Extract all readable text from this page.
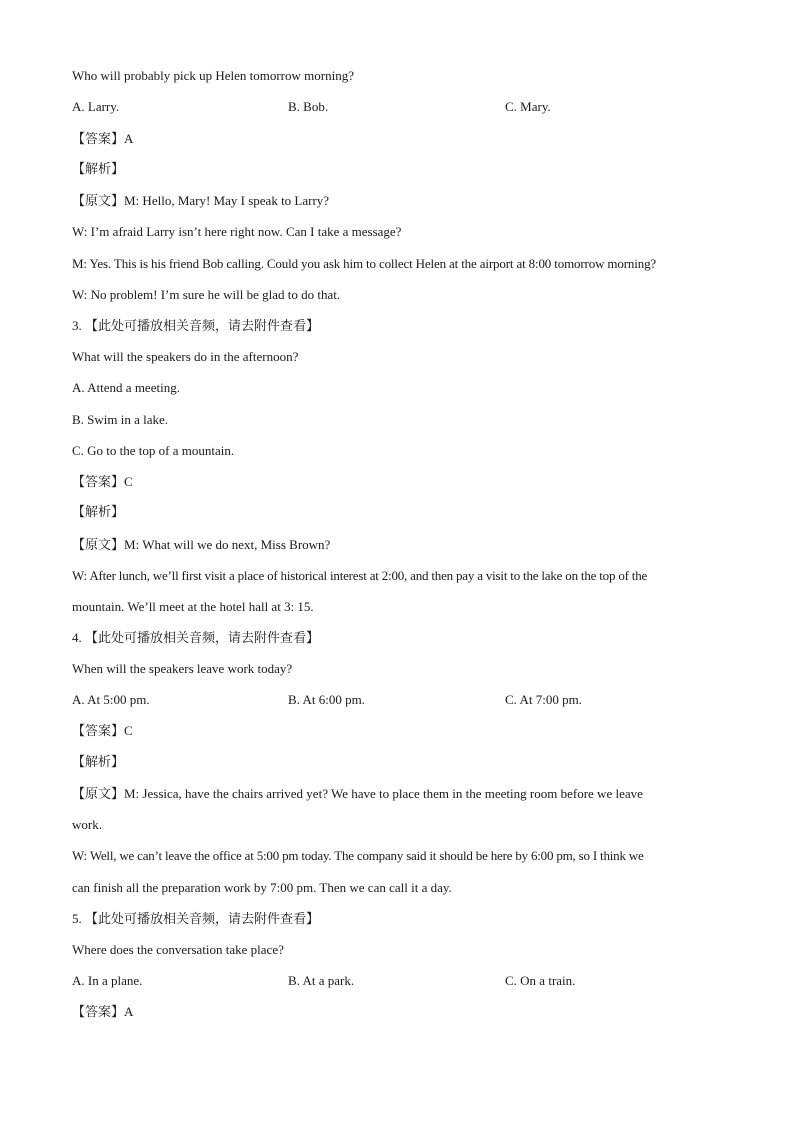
Who will probably pick up Helen tomorrow morning?
A. Larry.	B. Bob.	C. Mary.
【答案】A
【解析】
【原文】M: Hello, Mary! May I speak to Larry?
W: I’m afraid Larry isn’t here right now. Can I take a message?
M: Yes. This is his friend Bob calling. Could you ask him to collect Helen at the airport at 8:00 tomorrow morning?
W: No problem! I’m sure he will be glad to do that.
3. 【此处可播放相关音频，请去附件查看】
What will the speakers do in the afternoon?
A. Attend a meeting.
B. Swim in a lake.
C. Go to the top of a mountain.
【答案】C
【解析】
【原文】M: What will we do next, Miss Brown?
W: After lunch, we’ll first visit a place of historical interest at 2:00, and then pay a visit to the lake on the top of the
mountain. We’ll meet at the hotel hall at 3: 15.
4. 【此处可播放相关音频，请去附件查看】
When will the speakers leave work today?
A. At 5:00 pm.	B. At 6:00 pm.	C. At 7:00 pm.
【答案】C
【解析】
【原文】M: Jessica, have the chairs arrived yet? We have to place them in the meeting room before we leave
work.
W: Well, we can’t leave the office at 5:00 pm today. The company said it should be here by 6:00 pm, so I think we
can finish all the preparation work by 7:00 pm. Then we can call it a day.
5. 【此处可播放相关音频，请去附件查看】
Where does the conversation take place?
A. In a plane.	B. At a park.	C. On a train.
【答案】A
